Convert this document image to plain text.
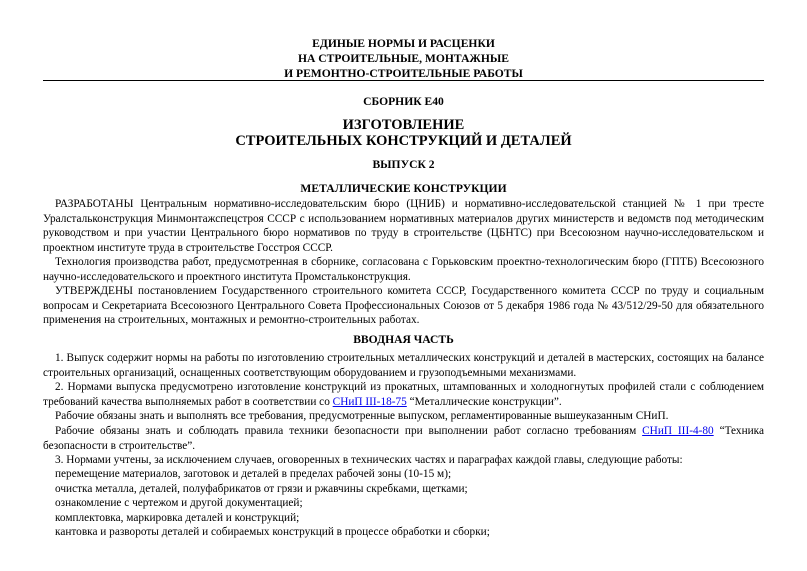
ЕДИНЫЕ НОРМЫ И РАСЦЕНКИ
НА СТРОИТЕЛЬНЫЕ, МОНТАЖНЫЕ
И РЕМОНТНО-СТРОИТЕЛЬНЫЕ РАБОТЫ
СБОРНИК Е40
ИЗГОТОВЛЕНИЕ
СТРОИТЕЛЬНЫХ КОНСТРУКЦИЙ И ДЕТАЛЕЙ
ВЫПУСК 2
МЕТАЛЛИЧЕСКИЕ КОНСТРУКЦИИ
РАЗРАБОТАНЫ Центральным нормативно-исследовательским бюро (ЦНИБ) и нормативно-исследовательской станцией № 1 при тресте Уралстальконструкция Минмонтажспецстроя СССР с использованием нормативных материалов других министерств и ведомств под методическим руководством и при участии Центрального бюро нормативов по труду в строительстве (ЦБНТС) при Всесоюзном научно-исследовательском и проектном институте труда в строительстве Госстроя СССР.
Технология производства работ, предусмотренная в сборнике, согласована с Горьковским проектно-технологическим бюро (ГПТБ) Всесоюзного научно-исследовательского и проектного института Промстальконструкция.
УТВЕРЖДЕНЫ постановлением Государственного строительного комитета СССР, Государственного комитета СССР по труду и социальным вопросам и Секретариата Всесоюзного Центрального Совета Профессиональных Союзов от 5 декабря 1986 года № 43/512/29-50 для обязательного применения на строительных, монтажных и ремонтно-строительных работах.
ВВОДНАЯ ЧАСТЬ
1. Выпуск содержит нормы на работы по изготовлению строительных металлических конструкций и деталей в мастерских, состоящих на балансе строительных организаций, оснащенных соответствующим оборудованием и грузоподъемными механизмами.
2. Нормами выпуска предусмотрено изготовление конструкций из прокатных, штампованных и холодногнутых профилей стали с соблюдением требований качества выполняемых работ в соответствии со СНиП III-18-75 “Металлические конструкции”.
Рабочие обязаны знать и выполнять все требования, предусмотренные выпуском, регламентированные вышеуказанным СНиП.
Рабочие обязаны знать и соблюдать правила техники безопасности при выполнении работ согласно требованиям СНиП III-4-80 “Техника безопасности в строительстве”.
3. Нормами учтены, за исключением случаев, оговоренных в технических частях и параграфах каждой главы, следующие работы:
перемещение материалов, заготовок и деталей в пределах рабочей зоны (10-15 м);
очистка металла, деталей, полуфабрикатов от грязи и ржавчины скребками, щетками;
ознакомление с чертежом и другой документацией;
комплектовка, маркировка деталей и конструкций;
кантовка и развороты деталей и собираемых конструкций в процессе обработки и сборки;
